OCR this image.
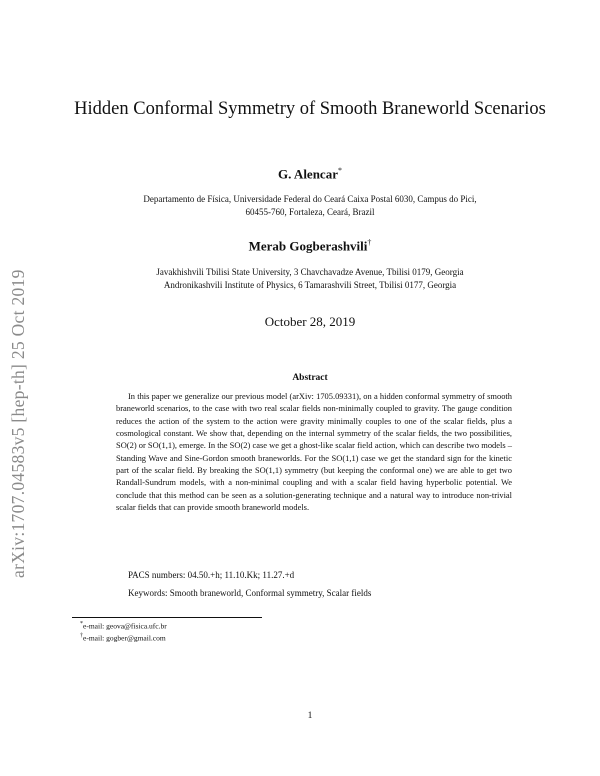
arXiv:1707.04583v5 [hep-th] 25 Oct 2019
Hidden Conformal Symmetry of Smooth Braneworld Scenarios
G. Alencar*
Departamento de Física, Universidade Federal do Ceará Caixa Postal 6030, Campus do Pici,
60455-760, Fortaleza, Ceará, Brazil
Merab Gogberashvili†
Javakhishvili Tbilisi State University, 3 Chavchavadze Avenue, Tbilisi 0179, Georgia
Andronikashvili Institute of Physics, 6 Tamarashvili Street, Tbilisi 0177, Georgia
October 28, 2019
Abstract

In this paper we generalize our previous model (arXiv: 1705.09331), on a hidden conformal symmetry of smooth braneworld scenarios, to the case with two real scalar fields non-minimally coupled to gravity. The gauge condition reduces the action of the system to the action were gravity minimally couples to one of the scalar fields, plus a cosmological constant. We show that, depending on the internal symmetry of the scalar fields, the two possibilities, SO(2) or SO(1,1), emerge. In the SO(2) case we get a ghost-like scalar field action, which can describe two models – Standing Wave and Sine-Gordon smooth braneworlds. For the SO(1,1) case we get the standard sign for the kinetic part of the scalar field. By breaking the SO(1,1) symmetry (but keeping the conformal one) we are able to get two Randall-Sundrum models, with a non-minimal coupling and with a scalar field having hyperbolic potential. We conclude that this method can be seen as a solution-generating technique and a natural way to introduce non-trivial scalar fields that can provide smooth braneworld models.

PACS numbers: 04.50.+h; 11.10.Kk; 11.27.+d
Keywords: Smooth braneworld, Conformal symmetry, Scalar fields
*e-mail: geova@fisica.ufc.br
†e-mail: gogber@gmail.com
1
